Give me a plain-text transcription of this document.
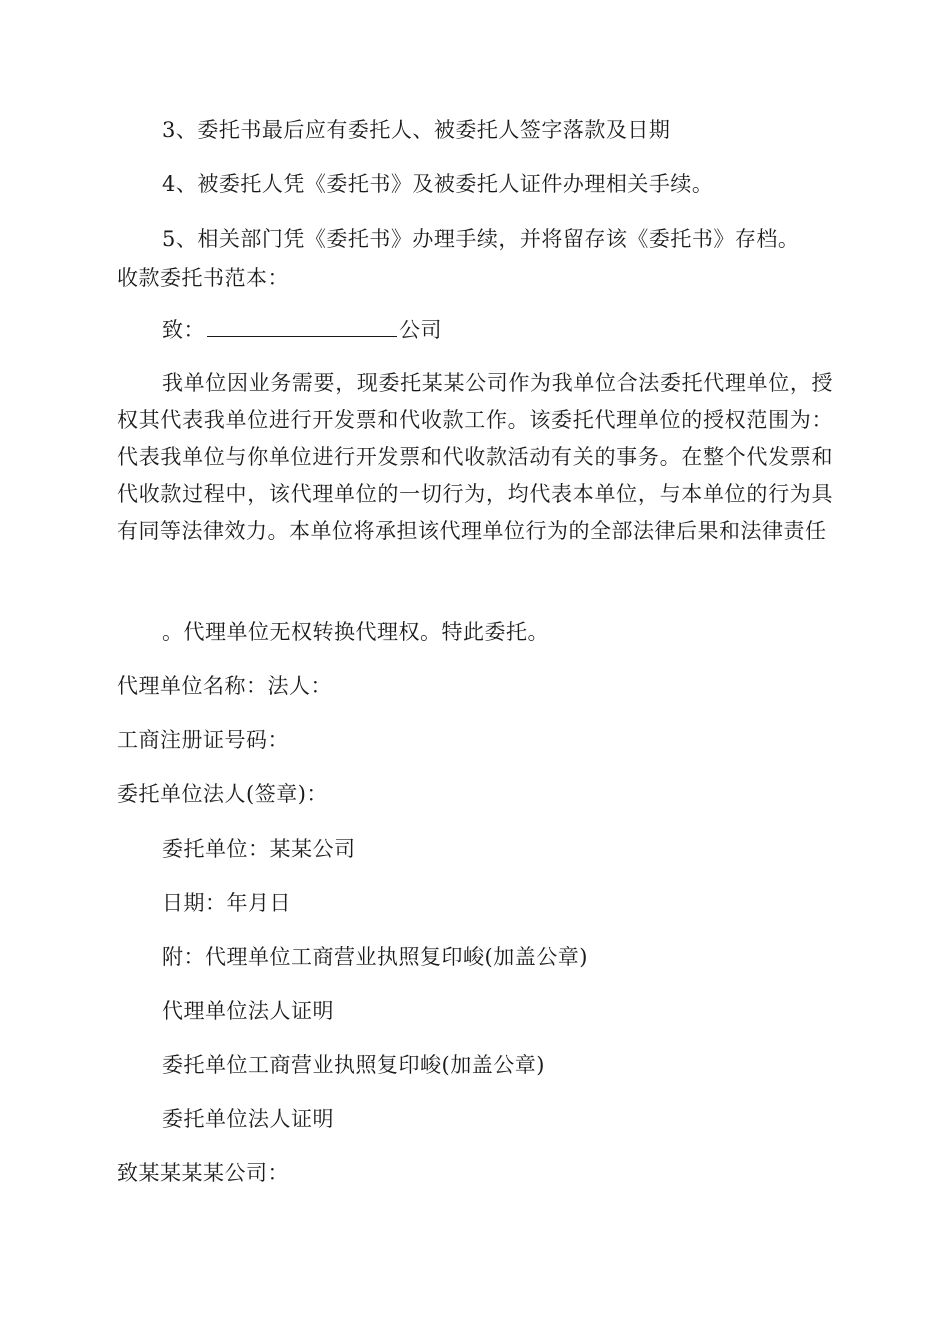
3、委托书最后应有委托人、被委托人签字落款及日期
4、被委托人凭《委托书》及被委托人证件办理相关手续。
5、相关部门凭《委托书》办理手续，并将留存该《委托书》存档。
收款委托书范本：
致：	公司
我单位因业务需要，现委托某某公司作为我单位合法委托代理单位，授权其代表我单位进行开发票和代收款工作。该委托代理单位的授权范围为：代表我单位与你单位进行开发票和代收款活动有关的事务。在整个代发票和代收款过程中，该代理单位的一切行为，均代表本单位，与本单位的行为具有同等法律效力。本单位将承担该代理单位行为的全部法律后果和法律责任
。代理单位无权转换代理权。特此委托。
代理单位名称：法人：
工商注册证号码：
委托单位法人(签章)：
委托单位：某某公司
日期：年月日
附：代理单位工商营业执照复印峻(加盖公章)
代理单位法人证明
委托单位工商营业执照复印峻(加盖公章)
委托单位法人证明
致某某某某公司：
